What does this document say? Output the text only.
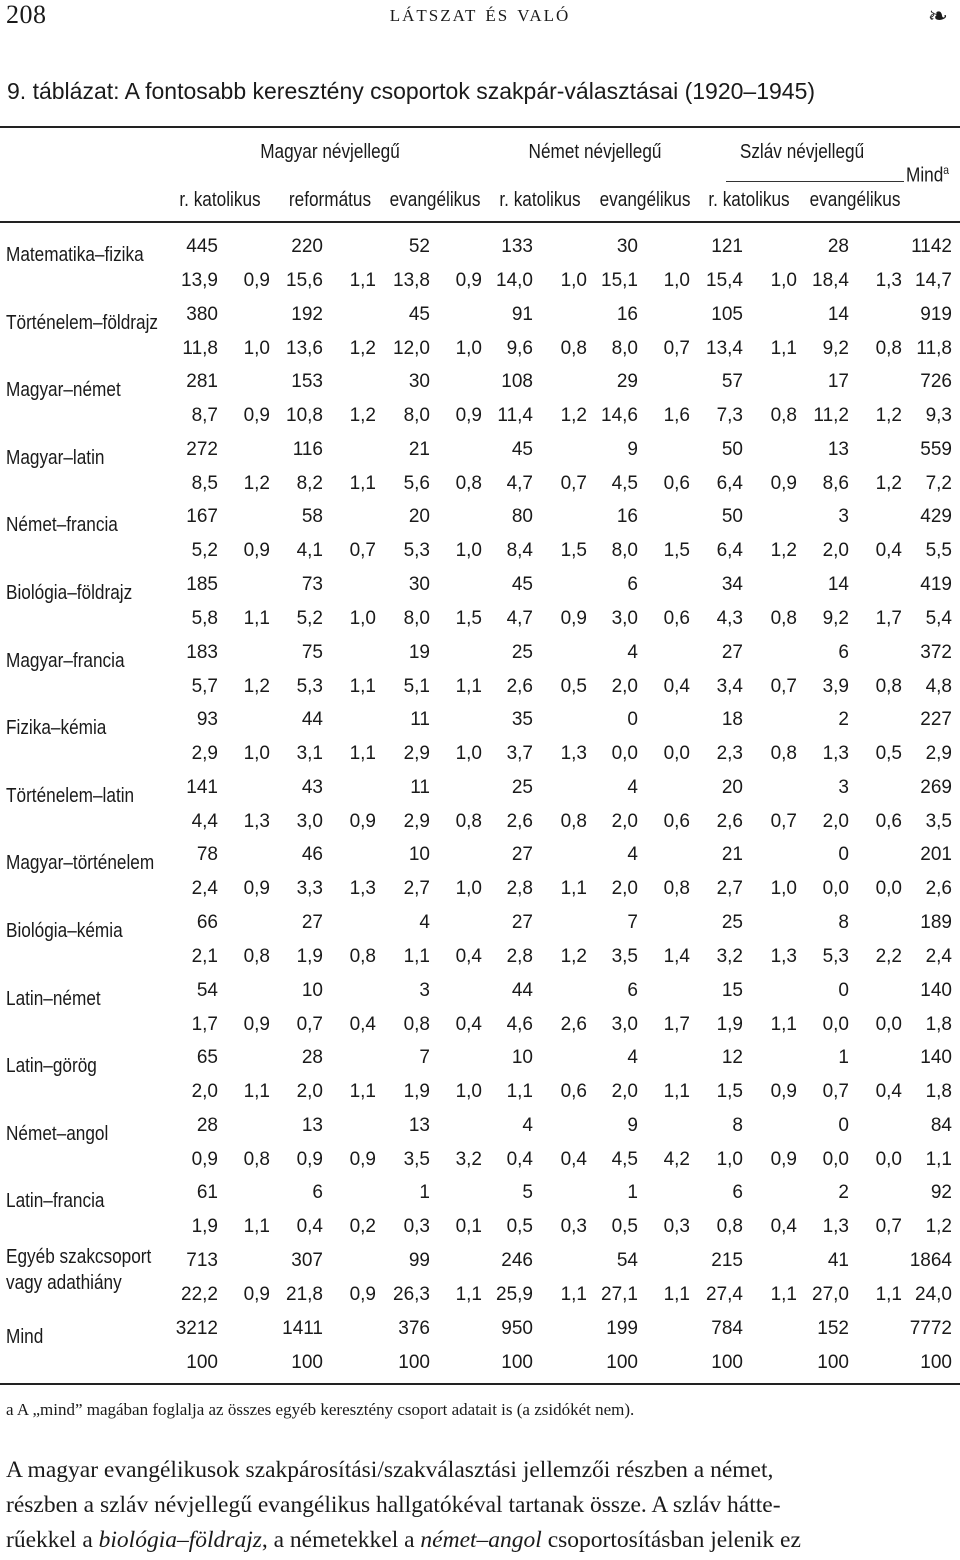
208	látszat és való	❧
9. táblázat: A fontosabb keresztény csoportok szakpár-választásai (1920–1945)
Magyar névjellegű	Német névjellegű	Szláv névjellegű
Mind$^a$
r. katolikus	református evangélikus r. katolikus evangélikus r. katolikus evangélikus
Matematika–fizika	445	220	52	133	30	121	28	1142
13,9	0,9 15,6	1,1 13,8	0,9 14,0	1,0 15,1	1,0 15,4	1,0 18,4	1,3 14,7
Történelem–földrajz	380	192	45	91	16	105	14	919
11,8	1,0 13,6	1,2 12,0	1,0	9,6	0,8	8,0	0,7 13,4	1,1	9,2	0,8 11,8
Magyar–német	281	153	30	108	29	57	17	726
8,7	0,9 10,8	1,2	8,0	0,9 11,4	1,2 14,6	1,6	7,3	0,8 11,2	1,2	9,3
Magyar–latin	272	116	21	45	9	50	13	559
8,5	1,2	8,2	1,1	5,6	0,8	4,7	0,7	4,5	0,6	6,4	0,9	8,6	1,2	7,2
Német–francia	167	58	20	80	16	50	3	429
5,2	0,9	4,1	0,7	5,3	1,0	8,4	1,5	8,0	1,5	6,4	1,2	2,0	0,4	5,5
Biológia–földrajz	185	73	30	45	6	34	14	419
5,8	1,1	5,2	1,0	8,0	1,5	4,7	0,9	3,0	0,6	4,3	0,8	9,2	1,7	5,4
Magyar–francia	183	75	19	25	4	27	6	372
5,7	1,2	5,3	1,1	5,1	1,1	2,6	0,5	2,0	0,4	3,4	0,7	3,9	0,8	4,8
Fizika–kémia	93	44	11	35	0	18	2	227
2,9	1,0	3,1	1,1	2,9	1,0	3,7	1,3	0,0	0,0	2,3	0,8	1,3	0,5	2,9
Történelem–latin	141	43	11	25	4	20	3	269
4,4	1,3	3,0	0,9	2,9	0,8	2,6	0,8	2,0	0,6	2,6	0,7	2,0	0,6	3,5
Magyar–történelem	78	46	10	27	4	21	0	201
2,4	0,9	3,3	1,3	2,7	1,0	2,8	1,1	2,0	0,8	2,7	1,0	0,0	0,0	2,6
Biológia–kémia	66	27	4	27	7	25	8	189
2,1	0,8	1,9	0,8	1,1	0,4	2,8	1,2	3,5	1,4	3,2	1,3	5,3	2,2	2,4
Latin–német	54	10	3	44	6	15	0	140
1,7	0,9	0,7	0,4	0,8	0,4	4,6	2,6	3,0	1,7	1,9	1,1	0,0	0,0	1,8
Latin–görög	65	28	7	10	4	12	1	140
2,0	1,1	2,0	1,1	1,9	1,0	1,1	0,6	2,0	1,1	1,5	0,9	0,7	0,4	1,8
Német–angol	28	13	13	4	9	8	0	84
0,9	0,8	0,9	0,9	3,5	3,2	0,4	0,4	4,5	4,2	1,0	0,9	0,0	0,0	1,1
Latin–francia	61	6	1	5	1	6	2	92
1,9	1,1	0,4	0,2	0,3	0,1	0,5	0,3	0,5	0,3	0,8	0,4	1,3	0,7	1,2
Egyéb szakcsoport
vagy adathiány
713	307	99	246	54	215	41	1864
22,2	0,9 21,8	0,9 26,3	1,1 25,9	1,1 27,1	1,1 27,4	1,1 27,0	1,1 24,0
Mind	3212	1411	376	950	199	784	152	7772
100	100	100	100	100	100	100	100
a A „mind” magában foglalja az összes egyéb keresztény csoport adatait is (a zsidókét nem).
A magyar evangélikusok szakpárosítási/szakválasztási jellemzői részben a német,
részben a szláv névjellegű evangélikus hallgatókéval tartanak össze. A szláv hátte-
rűekkel a biológia–földrajz, a németekkel a német–angol csoportosításban jelenik ez
